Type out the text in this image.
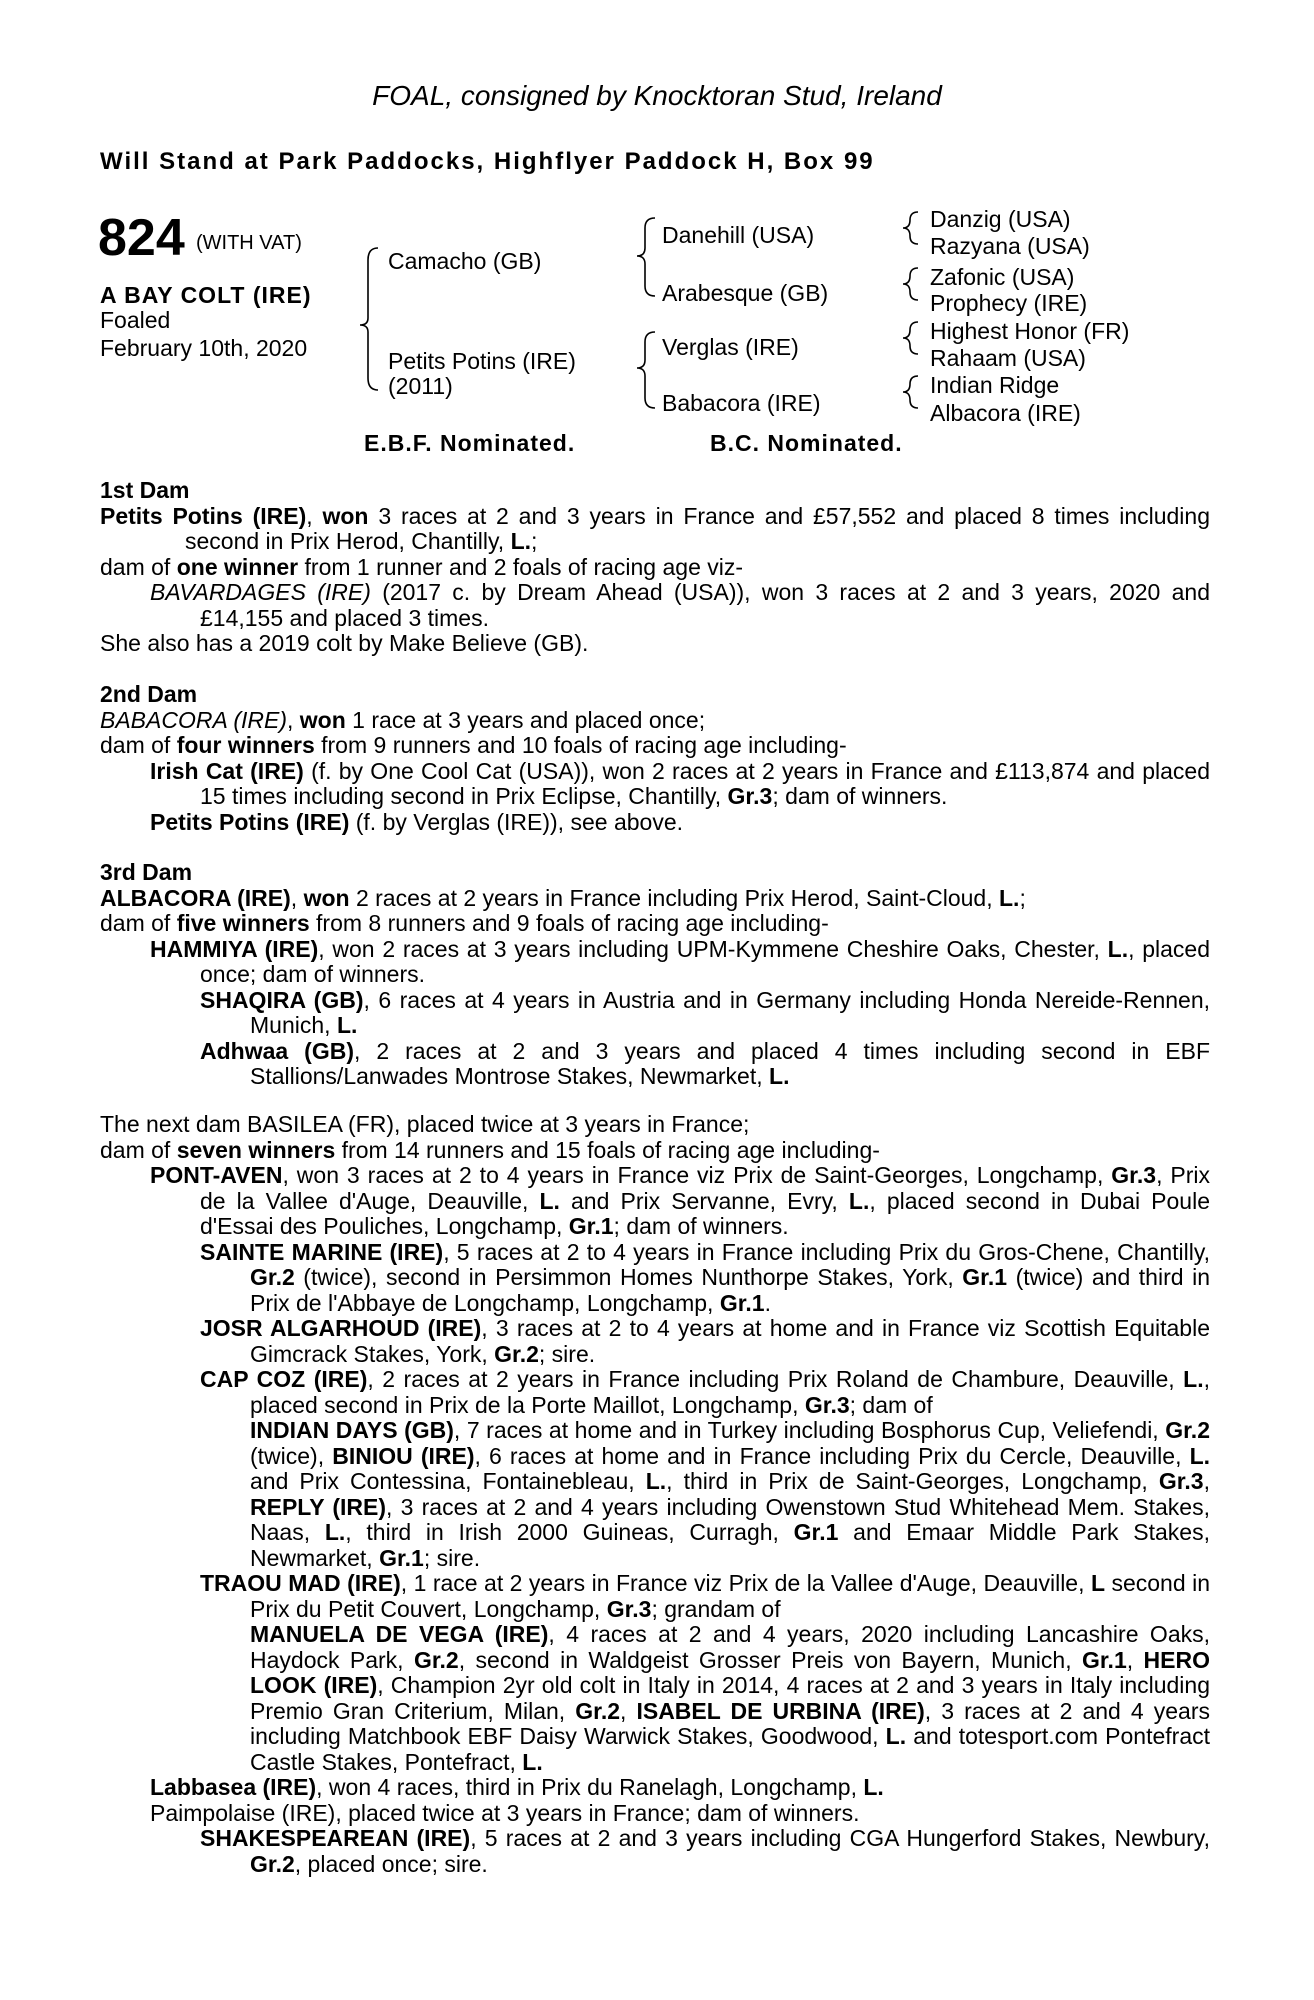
FOAL, consigned by Knocktoran Stud, Ireland
Will Stand at Park Paddocks, Highflyer Paddock H, Box 99
824 (WITH VAT)
A BAY COLT (IRE)
Foaled
February 10th, 2020
Camacho (GB)
Petits Potins (IRE)
(2011)
Danehill (USA)
Arabesque (GB)
Verglas (IRE)
Babacora (IRE)
Danzig (USA)
Razyana (USA)
Zafonic (USA)
Prophecy (IRE)
Highest Honor (FR)
Rahaam (USA)
Indian Ridge
Albacora (IRE)
E.B.F. Nominated.	B.C. Nominated.

1st Dam

Petits Potins (IRE), won 3 races at 2 and 3 years in France and £57,552 and placed 8 times including second in Prix Herod, Chantilly, L.;

dam of one winner from 1 runner and 2 foals of racing age viz-

BAVARDAGES (IRE) (2017 c. by Dream Ahead (USA)), won 3 races at 2 and 3 years, 2020 and £14,155 and placed 3 times.

She also has a 2019 colt by Make Believe (GB).

2nd Dam

BABACORA (IRE), won 1 race at 3 years and placed once;

dam of four winners from 9 runners and 10 foals of racing age including-

Irish Cat (IRE) (f. by One Cool Cat (USA)), won 2 races at 2 years in France and £113,874 and placed 15 times including second in Prix Eclipse, Chantilly, Gr.3; dam of winners.

Petits Potins (IRE) (f. by Verglas (IRE)), see above.

3rd Dam

ALBACORA (IRE), won 2 races at 2 years in France including Prix Herod, Saint-Cloud, L.;

dam of five winners from 8 runners and 9 foals of racing age including-

HAMMIYA (IRE), won 2 races at 3 years including UPM-Kymmene Cheshire Oaks, Chester, L., placed once; dam of winners.

SHAQIRA (GB), 6 races at 4 years in Austria and in Germany including Honda Nereide-Rennen, Munich, L.

Adhwaa (GB), 2 races at 2 and 3 years and placed 4 times including second in EBF Stallions/Lanwades Montrose Stakes, Newmarket, L.

The next dam BASILEA (FR), placed twice at 3 years in France;

dam of seven winners from 14 runners and 15 foals of racing age including-

PONT-AVEN, won 3 races at 2 to 4 years in France viz Prix de Saint-Georges, Longchamp, Gr.3, Prix de la Vallee d'Auge, Deauville, L. and Prix Servanne, Evry, L., placed second in Dubai Poule d'Essai des Pouliches, Longchamp, Gr.1; dam of winners.

SAINTE MARINE (IRE), 5 races at 2 to 4 years in France including Prix du Gros-Chene, Chantilly, Gr.2 (twice), second in Persimmon Homes Nunthorpe Stakes, York, Gr.1 (twice) and third in Prix de l'Abbaye de Longchamp, Longchamp, Gr.1.

JOSR ALGARHOUD (IRE), 3 races at 2 to 4 years at home and in France viz Scottish Equitable Gimcrack Stakes, York, Gr.2; sire.

CAP COZ (IRE), 2 races at 2 years in France including Prix Roland de Chambure, Deauville, L., placed second in Prix de la Porte Maillot, Longchamp, Gr.3; dam of

INDIAN DAYS (GB), 7 races at home and in Turkey including Bosphorus Cup, Veliefendi, Gr.2 (twice), BINIOU (IRE), 6 races at home and in France including Prix du Cercle, Deauville, L. and Prix Contessina, Fontainebleau, L., third in Prix de Saint-Georges, Longchamp, Gr.3, REPLY (IRE), 3 races at 2 and 4 years including Owenstown Stud Whitehead Mem. Stakes, Naas, L., third in Irish 2000 Guineas, Curragh, Gr.1 and Emaar Middle Park Stakes, Newmarket, Gr.1; sire.

TRAOU MAD (IRE), 1 race at 2 years in France viz Prix de la Vallee d'Auge, Deauville, L second in Prix du Petit Couvert, Longchamp, Gr.3; grandam of

MANUELA DE VEGA (IRE), 4 races at 2 and 4 years, 2020 including Lancashire Oaks, Haydock Park, Gr.2, second in Waldgeist Grosser Preis von Bayern, Munich, Gr.1, HERO LOOK (IRE), Champion 2yr old colt in Italy in 2014, 4 races at 2 and 3 years in Italy including Premio Gran Criterium, Milan, Gr.2, ISABEL DE URBINA (IRE), 3 races at 2 and 4 years including Matchbook EBF Daisy Warwick Stakes, Goodwood, L. and totesport.com Pontefract Castle Stakes, Pontefract, L.

Labbasea (IRE), won 4 races, third in Prix du Ranelagh, Longchamp, L.

Paimpolaise (IRE), placed twice at 3 years in France; dam of winners.

SHAKESPEAREAN (IRE), 5 races at 2 and 3 years including CGA Hungerford Stakes, Newbury, Gr.2, placed once; sire.
